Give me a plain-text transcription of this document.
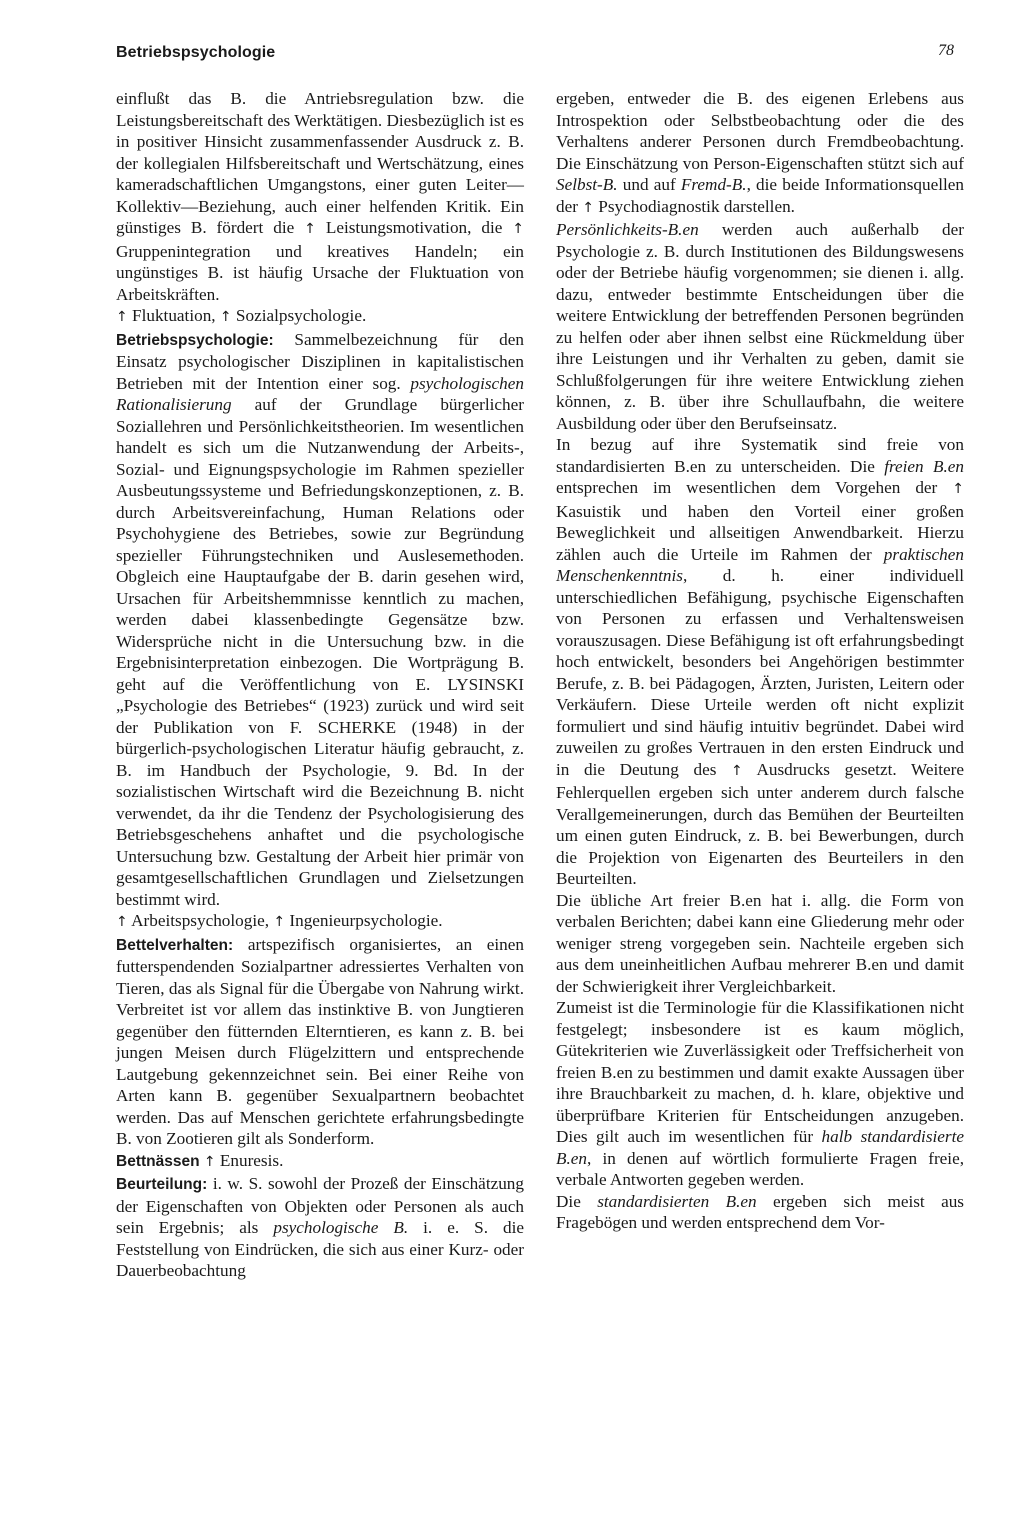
Betriebspsychologie	78

einflußt das B. die Antriebsregulation bzw. die Leistungsbereitschaft des Werktätigen. Diesbezüglich ist es in positiver Hinsicht zusammenfassender Ausdruck z. B. der kollegialen Hilfsbereitschaft und Wertschätzung, eines kameradschaftlichen Umgangstons, einer guten Leiter—Kollektiv—Beziehung, auch einer helfenden Kritik. Ein günstiges B. fördert die ↑ Leistungsmotivation, die ↑ Gruppenintegration und kreatives Handeln; ein ungünstiges B. ist häufig Ursache der Fluktuation von Arbeitskräften.

↑ Fluktuation, ↑ Sozialpsychologie.

Betriebspsychologie: Sammelbezeichnung für den Einsatz psychologischer Disziplinen in kapitalistischen Betrieben mit der Intention einer sog. psychologischen Rationalisierung auf der Grundlage bürgerlicher Soziallehren und Persönlichkeitstheorien. Im wesentlichen handelt es sich um die Nutzanwendung der Arbeits-, Sozial- und Eignungspsychologie im Rahmen spezieller Ausbeutungssysteme und Befriedungskonzeptionen, z. B. durch Arbeitsvereinfachung, Human Relations oder Psychohygiene des Betriebes, sowie zur Begründung spezieller Führungstechniken und Auslesemethoden. Obgleich eine Hauptaufgabe der B. darin gesehen wird, Ursachen für Arbeitshemmnisse kenntlich zu machen, werden dabei klassenbedingte Gegensätze bzw. Widersprüche nicht in die Untersuchung bzw. in die Ergebnisinterpretation einbezogen. Die Wortprägung B. geht auf die Veröffentlichung von E. LYSINSKI „Psychologie des Betriebes“ (1923) zurück und wird seit der Publikation von F. SCHERKE (1948) in der bürgerlich-psychologischen Literatur häufig gebraucht, z. B. im Handbuch der Psychologie, 9. Bd. In der sozialistischen Wirtschaft wird die Bezeichnung B. nicht verwendet, da ihr die Tendenz der Psychologisierung des Betriebsgeschehens anhaftet und die psychologische Untersuchung bzw. Gestaltung der Arbeit hier primär von gesamtgesellschaftlichen Grundlagen und Zielsetzungen bestimmt wird.

↑ Arbeitspsychologie, ↑ Ingenieurpsychologie.

Bettelverhalten: artspezifisch organisiertes, an einen futterspendenden Sozialpartner adressiertes Verhalten von Tieren, das als Signal für die Übergabe von Nahrung wirkt. Verbreitet ist vor allem das instinktive B. von Jungtieren gegenüber den fütternden Elterntieren, es kann z. B. bei jungen Meisen durch Flügelzittern und entsprechende Lautgebung gekennzeichnet sein. Bei einer Reihe von Arten kann B. gegenüber Sexualpartnern beobachtet werden. Das auf Menschen gerichtete erfahrungsbedingte B. von Zootieren gilt als Sonderform.

Bettnässen ↑ Enuresis.

Beurteilung: i. w. S. sowohl der Prozeß der Einschätzung der Eigenschaften von Objekten oder Personen als auch sein Ergebnis; als psychologische B. i. e. S. die Feststellung von Eindrücken, die sich aus einer Kurz- oder Dauerbeobachtung

ergeben, entweder die B. des eigenen Erlebens aus Introspektion oder Selbstbeobachtung oder die des Verhaltens anderer Personen durch Fremdbeobachtung. Die Einschätzung von Person-Eigenschaften stützt sich auf Selbst-B. und auf Fremd-B., die beide Informationsquellen der ↑ Psychodiagnostik darstellen.

Persönlichkeits-B.en werden auch außerhalb der Psychologie z. B. durch Institutionen des Bildungswesens oder der Betriebe häufig vorgenommen; sie dienen i. allg. dazu, entweder bestimmte Entscheidungen über die weitere Entwicklung der betreffenden Personen begründen zu helfen oder aber ihnen selbst eine Rückmeldung über ihre Leistungen und ihr Verhalten zu geben, damit sie Schlußfolgerungen für ihre weitere Entwicklung ziehen können, z. B. über ihre Schullaufbahn, die weitere Ausbildung oder über den Berufseinsatz.

In bezug auf ihre Systematik sind freie von standardisierten B.en zu unterscheiden. Die freien B.en entsprechen im wesentlichen dem Vorgehen der ↑ Kasuistik und haben den Vorteil einer großen Beweglichkeit und allseitigen Anwendbarkeit. Hierzu zählen auch die Urteile im Rahmen der praktischen Menschenkenntnis, d. h. einer individuell unterschiedlichen Befähigung, psychische Eigenschaften von Personen zu erfassen und Verhaltensweisen vorauszusagen. Diese Befähigung ist oft erfahrungsbedingt hoch entwickelt, besonders bei Angehörigen bestimmter Berufe, z. B. bei Pädagogen, Ärzten, Juristen, Leitern oder Verkäufern. Diese Urteile werden oft nicht explizit formuliert und sind häufig intuitiv begründet. Dabei wird zuweilen zu großes Vertrauen in den ersten Eindruck und in die Deutung des ↑ Ausdrucks gesetzt. Weitere Fehlerquellen ergeben sich unter anderem durch falsche Verallgemeinerungen, durch das Bemühen der Beurteilten um einen guten Eindruck, z. B. bei Bewerbungen, durch die Projektion von Eigenarten des Beurteilers in den Beurteilten.

Die übliche Art freier B.en hat i. allg. die Form von verbalen Berichten; dabei kann eine Gliederung mehr oder weniger streng vorgegeben sein. Nachteile ergeben sich aus dem uneinheitlichen Aufbau mehrerer B.en und damit der Schwierigkeit ihrer Vergleichbarkeit.

Zumeist ist die Terminologie für die Klassifikationen nicht festgelegt; insbesondere ist es kaum möglich, Gütekriterien wie Zuverlässigkeit oder Treffsicherheit von freien B.en zu bestimmen und damit exakte Aussagen über ihre Brauchbarkeit zu machen, d. h. klare, objektive und überprüfbare Kriterien für Entscheidungen anzugeben. Dies gilt auch im wesentlichen für halb standardisierte B.en, in denen auf wörtlich formulierte Fragen freie, verbale Antworten gegeben werden.

Die standardisierten B.en ergeben sich meist aus Fragebögen und werden entsprechend dem Vor-
